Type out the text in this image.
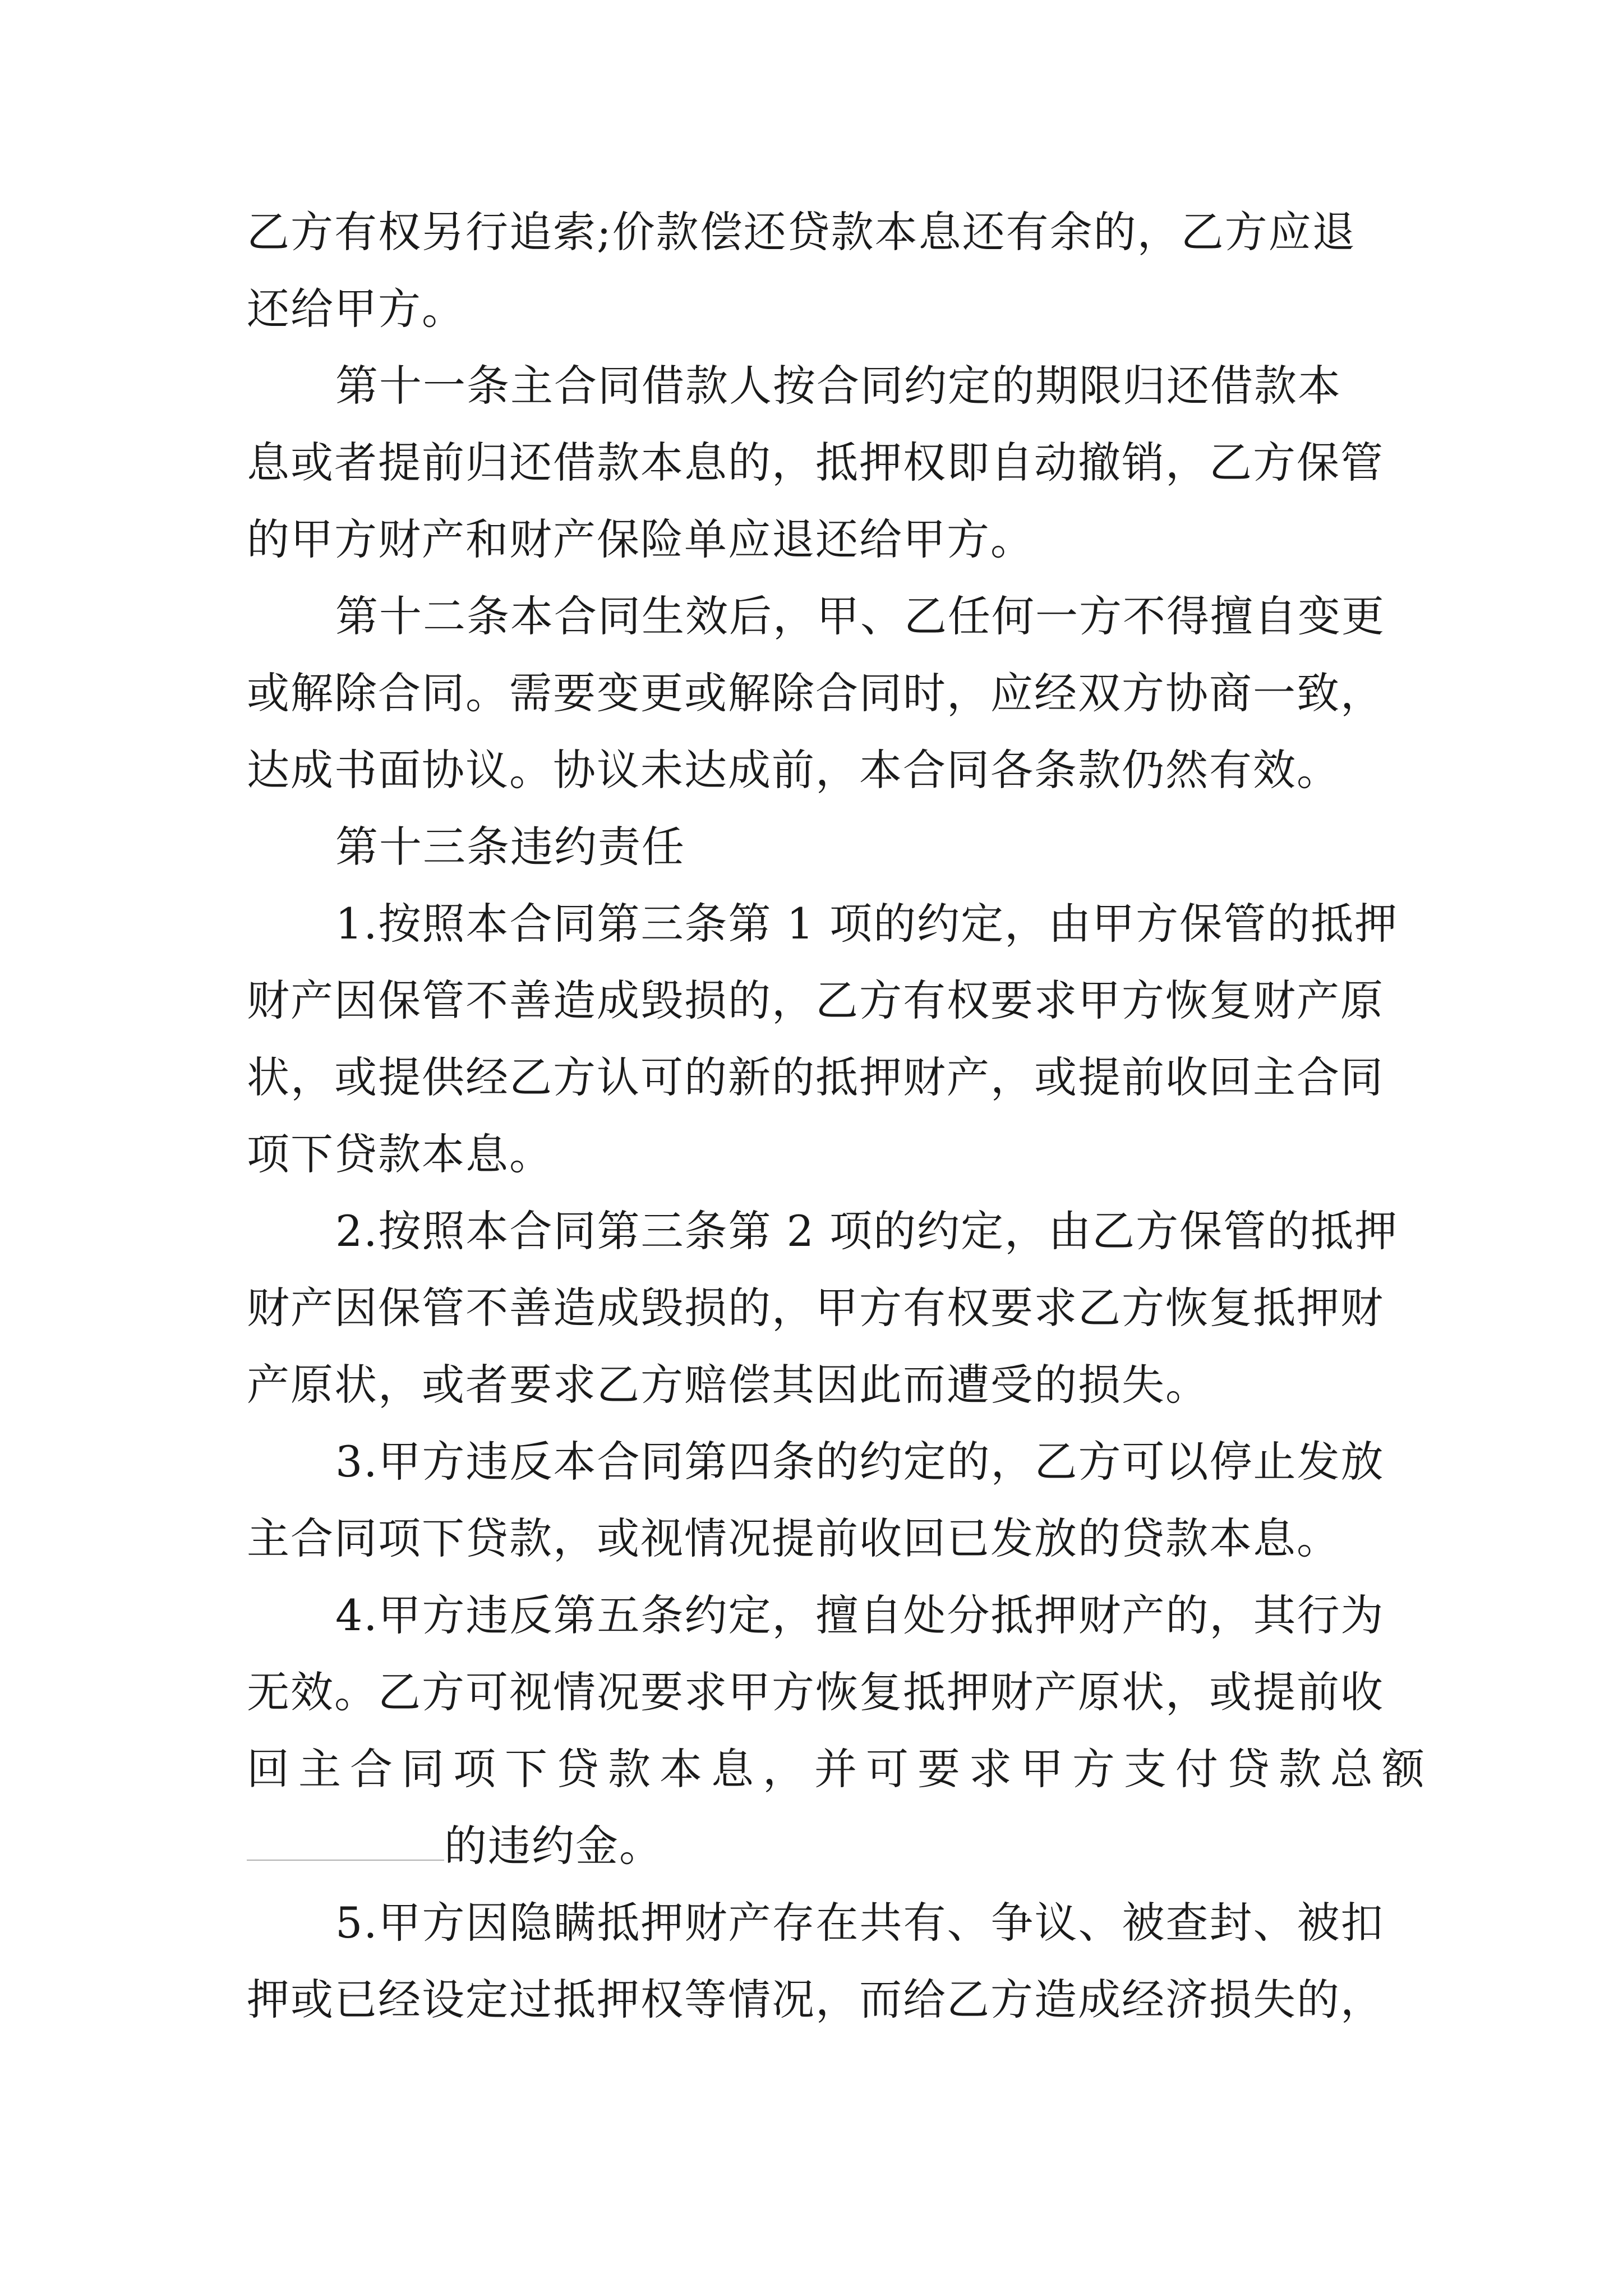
乙方有权另行追索;价款偿还贷款本息还有余的，乙方应退
还给甲方。
第十一条主合同借款人按合同约定的期限归还借款本
息或者提前归还借款本息的，抵押权即自动撤销，乙方保管
的甲方财产和财产保险单应退还给甲方。
第十二条本合同生效后，甲、乙任何一方不得擅自变更
或解除合同。需要变更或解除合同时，应经双方协商一致，
达成书面协议。协议未达成前，本合同各条款仍然有效。
第十三条违约责任
1.按照本合同第三条第 1 项的约定，由甲方保管的抵押
财产因保管不善造成毁损的，乙方有权要求甲方恢复财产原
状，或提供经乙方认可的新的抵押财产，或提前收回主合同
项下贷款本息。
2.按照本合同第三条第 2 项的约定，由乙方保管的抵押
财产因保管不善造成毁损的，甲方有权要求乙方恢复抵押财
产原状，或者要求乙方赔偿其因此而遭受的损失。
3.甲方违反本合同第四条的约定的，乙方可以停止发放
主合同项下贷款，或视情况提前收回已发放的贷款本息。
4.甲方违反第五条约定，擅自处分抵押财产的，其行为
无效。乙方可视情况要求甲方恢复抵押财产原状，或提前收
回主合同项下贷款本息，并可要求甲方支付贷款总额
的违约金。
5.甲方因隐瞒抵押财产存在共有、争议、被查封、被扣
押或已经设定过抵押权等情况，而给乙方造成经济损失的，
